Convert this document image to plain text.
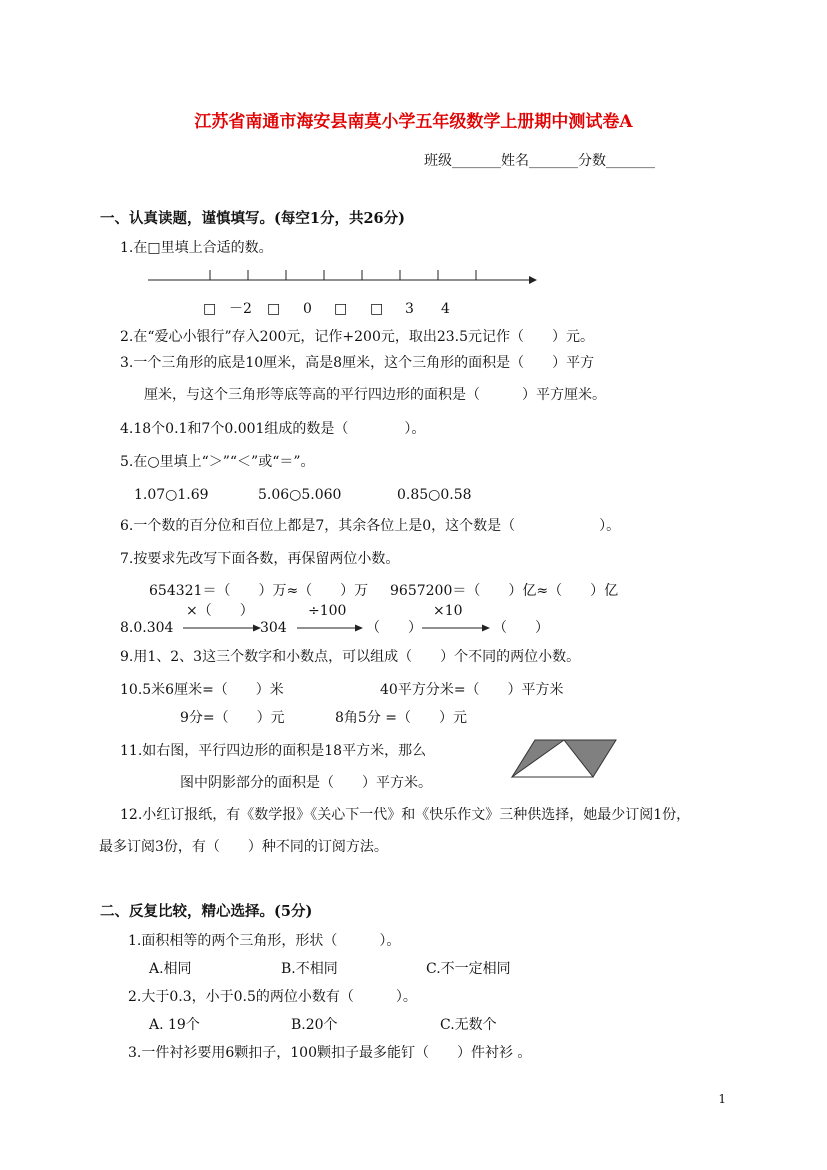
江苏省南通市海安县南莫小学五年级数学上册期中测试卷A
班级_______姓名_______分数_______
一、认真读题，谨慎填写。(每空1分，共26分)
1.在□里填上合适的数。
□ －2 □ 0 □ □ 3 4
2.在“爱心小银行”存入200元，记作+200元，取出23.5元记作（　　）元。
3.一个三角形的底是10厘米，高是8厘米，这个三角形的面积是（　　）平方
厘米，与这个三角形等底等高的平行四边形的面积是（　　　）平方厘米。
4.18个0.1和7个0.001组成的数是（　　　　）。
5.在○里填上“＞”“＜”或“＝”。
1.07○1.69	5.06○5.060	0.85○0.58
6.一个数的百分位和百位上都是7，其余各位上是0，这个数是（　　　　　　）。
7.按要求先改写下面各数，再保留两位小数。
654321＝（　　）万≈（　　）万 9657200＝（　　）亿≈（　　）亿
×（　　）	÷100	×10
8.0.304	304	（　　）	（　　）
9.用1、2、3这三个数字和小数点，可以组成（　　）个不同的两位小数。
10.5米6厘米=（　　）米	40平方分米=（　　）平方米
9分=（　　）元	8角5分 =（　　）元
11.如右图，平行四边形的面积是18平方米，那么
图中阴影部分的面积是（　　）平方米。
12.小红订报纸，有《数学报》《关心下一代》和《快乐作文》三种供选择，她最少订阅1份，
最多订阅3份，有（　　）种不同的订阅方法。
二、反复比较，精心选择。(5分)
1.面积相等的两个三角形，形状（　　　）。
A.相同	B.不相同	C.不一定相同
2.大于0.3，小于0.5的两位小数有（　　　）。
A. 19个	B.20个	C.无数个
3.一件衬衫要用6颗扣子，100颗扣子最多能钉（　　）件衬衫 。
1
